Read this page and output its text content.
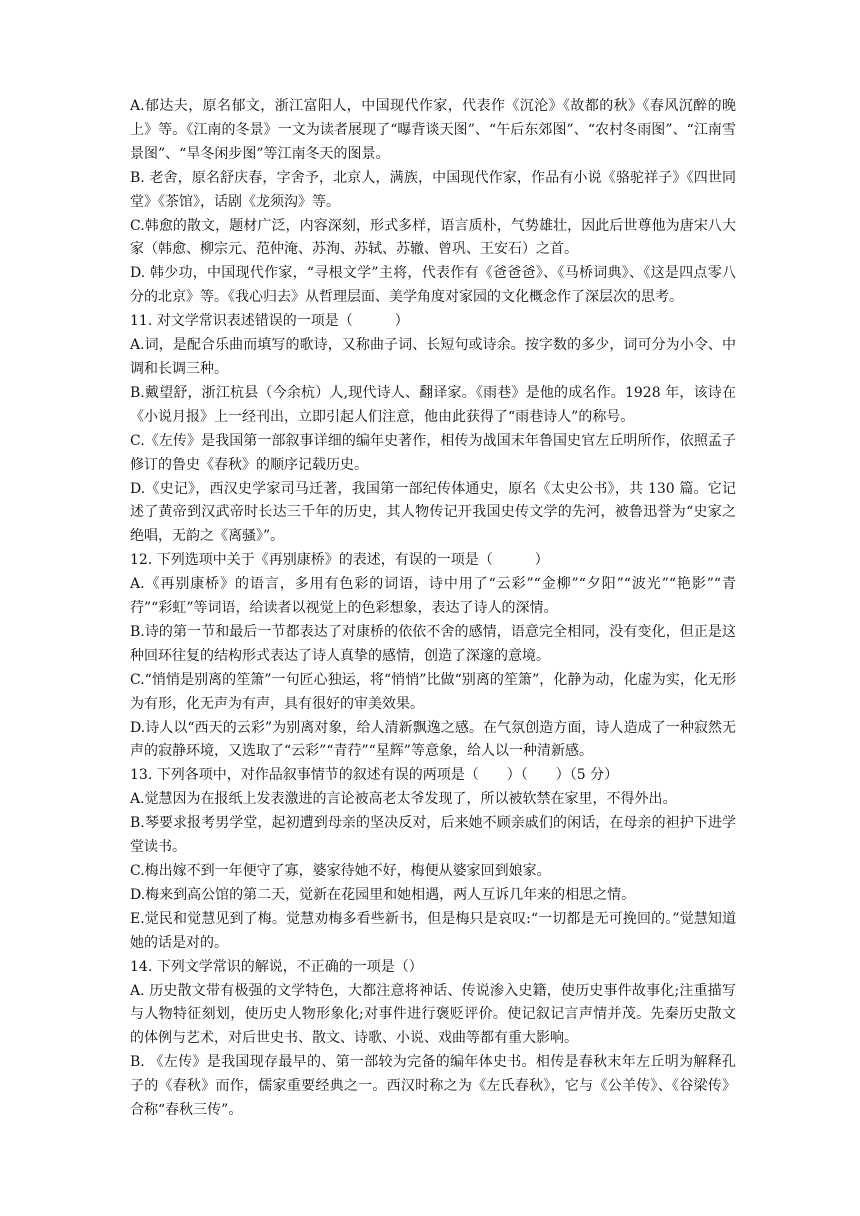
A.郁达夫，原名郁文，浙江富阳人，中国现代作家，代表作《沉沦》《故都的秋》《春风沉醉的晚上》等。《江南的冬景》一文为读者展现了“曝背谈天图”、“午后东郊图”、“农村冬雨图”、“江南雪景图”、“旱冬闲步图”等江南冬天的图景。

B. 老舍，原名舒庆春，字舍予，北京人，满族，中国现代作家，作品有小说《骆驼祥子》《四世同堂》《茶馆》，话剧《龙须沟》等。

C.韩愈的散文，题材广泛，内容深刻，形式多样，语言质朴，气势雄壮，因此后世尊他为唐宋八大家（韩愈、柳宗元、范仲淹、苏洵、苏轼、苏辙、曾巩、王安石）之首。

D. 韩少功，中国现代作家，“寻根文学”主将，代表作有《爸爸爸》、《马桥词典》、《这是四点零八分的北京》等。《我心归去》从哲理层面、美学角度对家园的文化概念作了深层次的思考。

11. 对文学常识表述错误的一项是（　　　）

A.词，是配合乐曲而填写的歌诗，又称曲子词、长短句或诗余。按字数的多少，词可分为小令、中调和长调三种。

B.戴望舒，浙江杭县（今余杭）人,现代诗人、翻译家。《雨巷》是他的成名作。1928 年，该诗在《小说月报》上一经刊出，立即引起人们注意，他由此获得了“雨巷诗人”的称号。

C.《左传》是我国第一部叙事详细的编年史著作，相传为战国末年鲁国史官左丘明所作，依照孟子修订的鲁史《春秋》的顺序记载历史。

D.《史记》，西汉史学家司马迁著，我国第一部纪传体通史，原名《太史公书》，共 130 篇。它记述了黄帝到汉武帝时长达三千年的历史，其人物传记开我国史传文学的先河，被鲁迅誉为“史家之绝唱，无韵之《离骚》”。

12. 下列选项中关于《再别康桥》的表述，有误的一项是（　　　）

A.《再别康桥》的语言，多用有色彩的词语，诗中用了“云彩”“金柳”“夕阳”“波光”“艳影”“青荇”“彩虹”等词语，给读者以视觉上的色彩想象，表达了诗人的深情。

B.诗的第一节和最后一节都表达了对康桥的依依不舍的感情，语意完全相同，没有变化，但正是这种回环往复的结构形式表达了诗人真挚的感情，创造了深邃的意境。

C.“悄悄是别离的笙箫”一句匠心独运，将“悄悄”比做“别离的笙箫”，化静为动，化虚为实，化无形为有形，化无声为有声，具有很好的审美效果。

D.诗人以“西天的云彩”为别离对象，给人清新飘逸之感。在气氛创造方面，诗人造成了一种寂然无声的寂静环境，又选取了“云彩”“青荇”“星辉”等意象，给人以一种清新感。

13. 下列各项中，对作品叙事情节的叙述有误的两项是（　　）（　　）（5 分）

A.觉慧因为在报纸上发表激进的言论被高老太爷发现了，所以被软禁在家里，不得外出。

B.琴要求报考男学堂，起初遭到母亲的坚决反对，后来她不顾亲戚们的闲话，在母亲的袒护下进学堂读书。

C.梅出嫁不到一年便守了寡，婆家待她不好，梅便从婆家回到娘家。

D.梅来到高公馆的第二天，觉新在花园里和她相遇，两人互诉几年来的相思之情。

E.觉民和觉慧见到了梅。觉慧劝梅多看些新书，但是梅只是哀叹:“一切都是无可挽回的。”觉慧知道她的话是对的。

14. 下列文学常识的解说，不正确的一项是（）

A. 历史散文带有极强的文学特色，大都注意将神话、传说渗入史籍，使历史事件故事化;注重描写与人物特征刻划，使历史人物形象化;对事件进行褒贬评价。使记叙记言声情并茂。先秦历史散文的体例与艺术，对后世史书、散文、诗歌、小说、戏曲等都有重大影响。

B. 《左传》是我国现存最早的、第一部较为完备的编年体史书。相传是春秋末年左丘明为解释孔子的《春秋》而作，儒家重要经典之一。西汉时称之为《左氏春秋》，它与《公羊传》、《谷梁传》合称“春秋三传”。
